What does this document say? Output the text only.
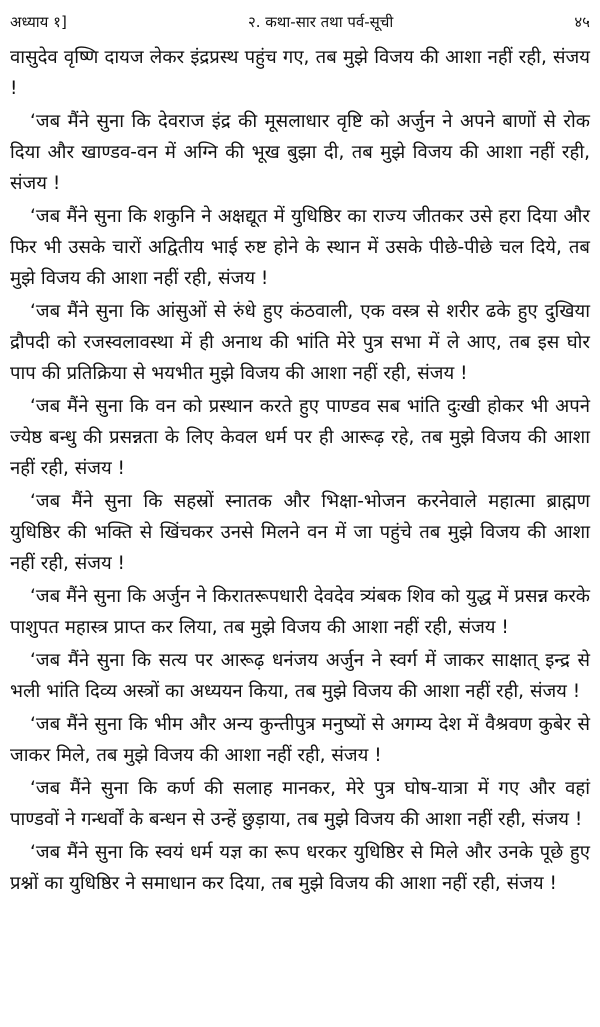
अध्याय १]	२. कथा-सार तथा पर्व-सूची	४५

वासुदेव वृष्णि दायज लेकर इंद्रप्रस्थ पहुंच गए, तब मुझे विजय की आशा नहीं रही, संजय !

‘जब मैंने सुना कि देवराज इंद्र की मूसलाधार वृष्टि को अर्जुन ने अपने बाणों से रोक दिया और खाण्डव-वन में अग्नि की भूख बुझा दी, तब मुझे विजय की आशा नहीं रही, संजय !

‘जब मैंने सुना कि शकुनि ने अक्षद्यूत में युधिष्ठिर का राज्य जीतकर उसे हरा दिया और फिर भी उसके चारों अद्वितीय भाई रुष्ट होने के स्थान में उसके पीछे-पीछे चल दिये, तब मुझे विजय की आशा नहीं रही, संजय !

‘जब मैंने सुना कि आंसुओं से रुंधे हुए कंठवाली, एक वस्त्र से शरीर ढके हुए दुखिया द्रौपदी को रजस्वलावस्था में ही अनाथ की भांति मेरे पुत्र सभा में ले आए, तब इस घोर पाप की प्रतिक्रिया से भयभीत मुझे विजय की आशा नहीं रही, संजय !

‘जब मैंने सुना कि वन को प्रस्थान करते हुए पाण्डव सब भांति दुःखी होकर भी अपने ज्येष्ठ बन्धु की प्रसन्नता के लिए केवल धर्म पर ही आरूढ़ रहे, तब मुझे विजय की आशा नहीं रही, संजय !

‘जब मैंने सुना कि सहस्रों स्नातक और भिक्षा-भोजन करनेवाले महात्मा ब्राह्मण युधिष्ठिर की भक्ति से खिंचकर उनसे मिलने वन में जा पहुंचे तब मुझे विजय की आशा नहीं रही, संजय !

‘जब मैंने सुना कि अर्जुन ने किरातरूपधारी देवदेव त्र्यंबक शिव को युद्ध में प्रसन्न करके पाशुपत महास्त्र प्राप्त कर लिया, तब मुझे विजय की आशा नहीं रही, संजय !

‘जब मैंने सुना कि सत्य पर आरूढ़ धनंजय अर्जुन ने स्वर्ग में जाकर साक्षात् इन्द्र से भली भांति दिव्य अस्त्रों का अध्ययन किया, तब मुझे विजय की आशा नहीं रही, संजय !

‘जब मैंने सुना कि भीम और अन्य कुन्तीपुत्र मनुष्यों से अगम्य देश में वैश्रवण कुबेर से जाकर मिले, तब मुझे विजय की आशा नहीं रही, संजय !

‘जब मैंने सुना कि कर्ण की सलाह मानकर, मेरे पुत्र घोष-यात्रा में गए और वहां पाण्डवों ने गन्धर्वों के बन्धन से उन्हें छुड़ाया, तब मुझे विजय की आशा नहीं रही, संजय !

‘जब मैंने सुना कि स्वयं धर्म यज्ञ का रूप धरकर युधिष्ठिर से मिले और उनके पूछे हुए प्रश्नों का युधिष्ठिर ने समाधान कर दिया, तब मुझे विजय की आशा नहीं रही, संजय !
